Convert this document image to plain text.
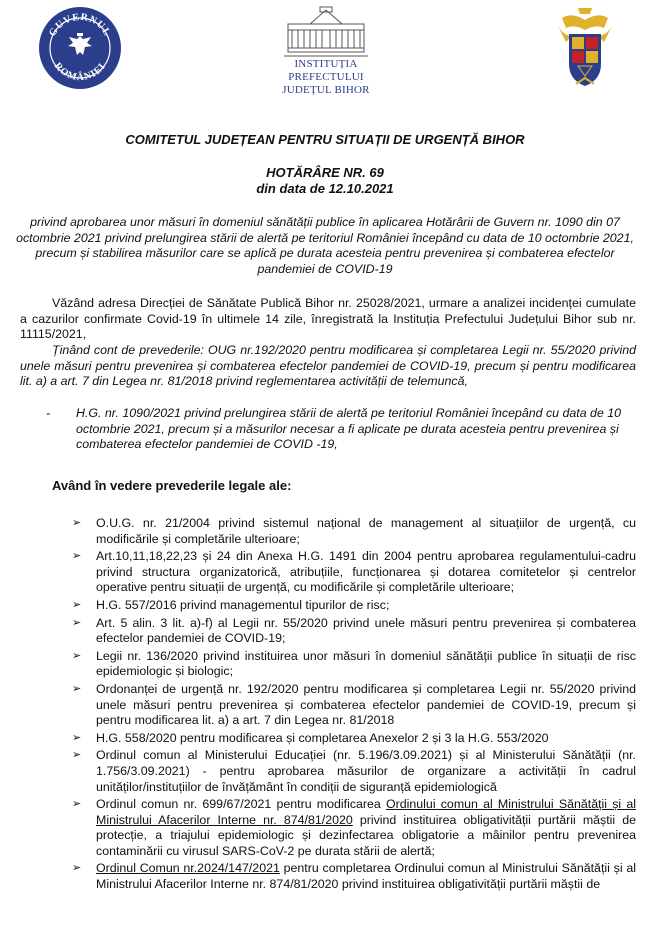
GUVERNUL
ROMÂNIEI	INSTITUȚIA PREFECTULUI
JUDEȚUL BIHOR
COMITETUL JUDEȚEAN PENTRU SITUAȚII DE URGENȚĂ BIHOR
HOTĂRÂRE NR. 69
din data de 12.10.2021
privind aprobarea unor măsuri în domeniul sănătății publice în aplicarea Hotărârii de Guvern nr. 1090 din 07 octombrie 2021 privind prelungirea stării de alertă pe teritoriul României începând cu data de 10 octombrie 2021, precum și stabilirea măsurilor care se aplică pe durata acesteia pentru prevenirea și combaterea efectelor pandemiei de COVID-19
Văzând adresa Direcției de Sănătate Publică Bihor nr. 25028/2021, urmare a analizei incidenței cumulate a cazurilor confirmate Covid-19 în ultimele 14 zile, înregistrată la Instituția Prefectului Județului Bihor sub nr. 11115/2021,
Ținând cont de prevederile: OUG nr.192/2020 pentru modificarea și completarea Legii nr. 55/2020 privind unele măsuri pentru prevenirea și combaterea efectelor pandemiei de COVID-19, precum și pentru modificarea lit. a) a art. 7 din Legea nr. 81/2018 privind reglementarea activității de telemuncă,
-	H.G. nr. 1090/2021 privind prelungirea stării de alertă pe teritoriul României începând cu data de 10 octombrie 2021, precum și a măsurilor necesar a fi aplicate pe durata acesteia pentru prevenirea și combaterea efectelor pandemiei de COVID -19,
Având în vedere prevederile legale ale:
➢ O.U.G. nr. 21/2004 privind sistemul național de management al situațiilor de urgență, cu modificările și completările ulterioare;
➢ Art.10,11,18,22,23 și 24 din Anexa H.G. 1491 din 2004 pentru aprobarea regulamentului-cadru privind structura organizatorică, atribuțiile, funcționarea și dotarea comitetelor și centrelor operative pentru situații de urgență, cu modificările și completările ulterioare;
➢ H.G. 557/2016 privind managementul tipurilor de risc;
➢ Art. 5 alin. 3 lit. a)-f) al Legii nr. 55/2020 privind unele măsuri pentru prevenirea și combaterea efectelor pandemiei de COVID-19;
➢ Legii nr. 136/2020 privind instituirea unor măsuri în domeniul sănătății publice în situații de risc epidemiologic și biologic;
➢ Ordonanței de urgență nr. 192/2020 pentru modificarea și completarea Legii nr. 55/2020 privind unele măsuri pentru prevenirea și combaterea efectelor pandemiei de COVID-19, precum și pentru modificarea lit. a) a art. 7 din Legea nr. 81/2018
➢ H.G. 558/2020 pentru modificarea și completarea Anexelor 2 și 3 la H.G. 553/2020
➢ Ordinul comun al Ministerului Educației (nr. 5.196/3.09.2021) și al Ministerului Sănătății (nr. 1.756/3.09.2021) - pentru aprobarea măsurilor de organizare a activității în cadrul unităților/instituțiilor de învățământ în condiții de siguranță epidemiologică
➢ Ordinul comun nr. 699/67/2021 pentru modificarea Ordinului comun al Ministrului Sănătății și al Ministrului Afacerilor Interne nr. 874/81/2020 privind instituirea obligativității purtării măștii de protecție, a triajului epidemiologic și dezinfectarea obligatorie a mâinilor pentru prevenirea contaminării cu virusul SARS-CoV-2 pe durata stării de alertă;
➢ Ordinul Comun nr.2024/147/2021 pentru completarea Ordinului comun al Ministrului Sănătății și al Ministrului Afacerilor Interne nr. 874/81/2020 privind instituirea obligativității purtării măștii de
